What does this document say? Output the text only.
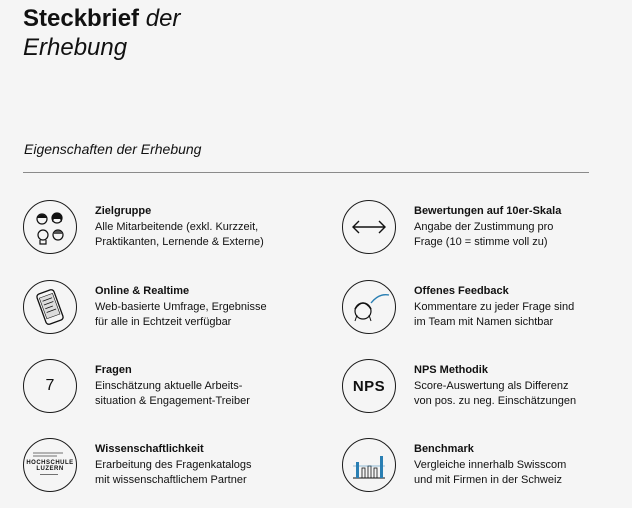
Steckbrief der
Erhebung
Eigenschaften der Erhebung
Zielgruppe
Alle Mitarbeitende (exkl. Kurzzeit,
Praktikanten, Lernende & Externe)
Bewertungen auf 10er-Skala
Angabe der Zustimmung pro
Frage (10 = stimme voll zu)
Online & Realtime
Web-basierte Umfrage, Ergebnisse
für alle in Echtzeit verfügbar
Offenes Feedback
Kommentare zu jeder Frage sind
im Team mit Namen sichtbar
7
Fragen
Einschätzung aktuelle Arbeits-
situation & Engagement-Treiber
NPS
NPS Methodik
Score-Auswertung als Differenz
von pos. zu neg. Einschätzungen
HOCHSCHULE LUZERN
Wissenschaftlichkeit
Erarbeitung des Fragenkatalogs
mit wissenschaftlichem Partner
Benchmark
Vergleiche innerhalb Swisscom
und mit Firmen in der Schweiz
